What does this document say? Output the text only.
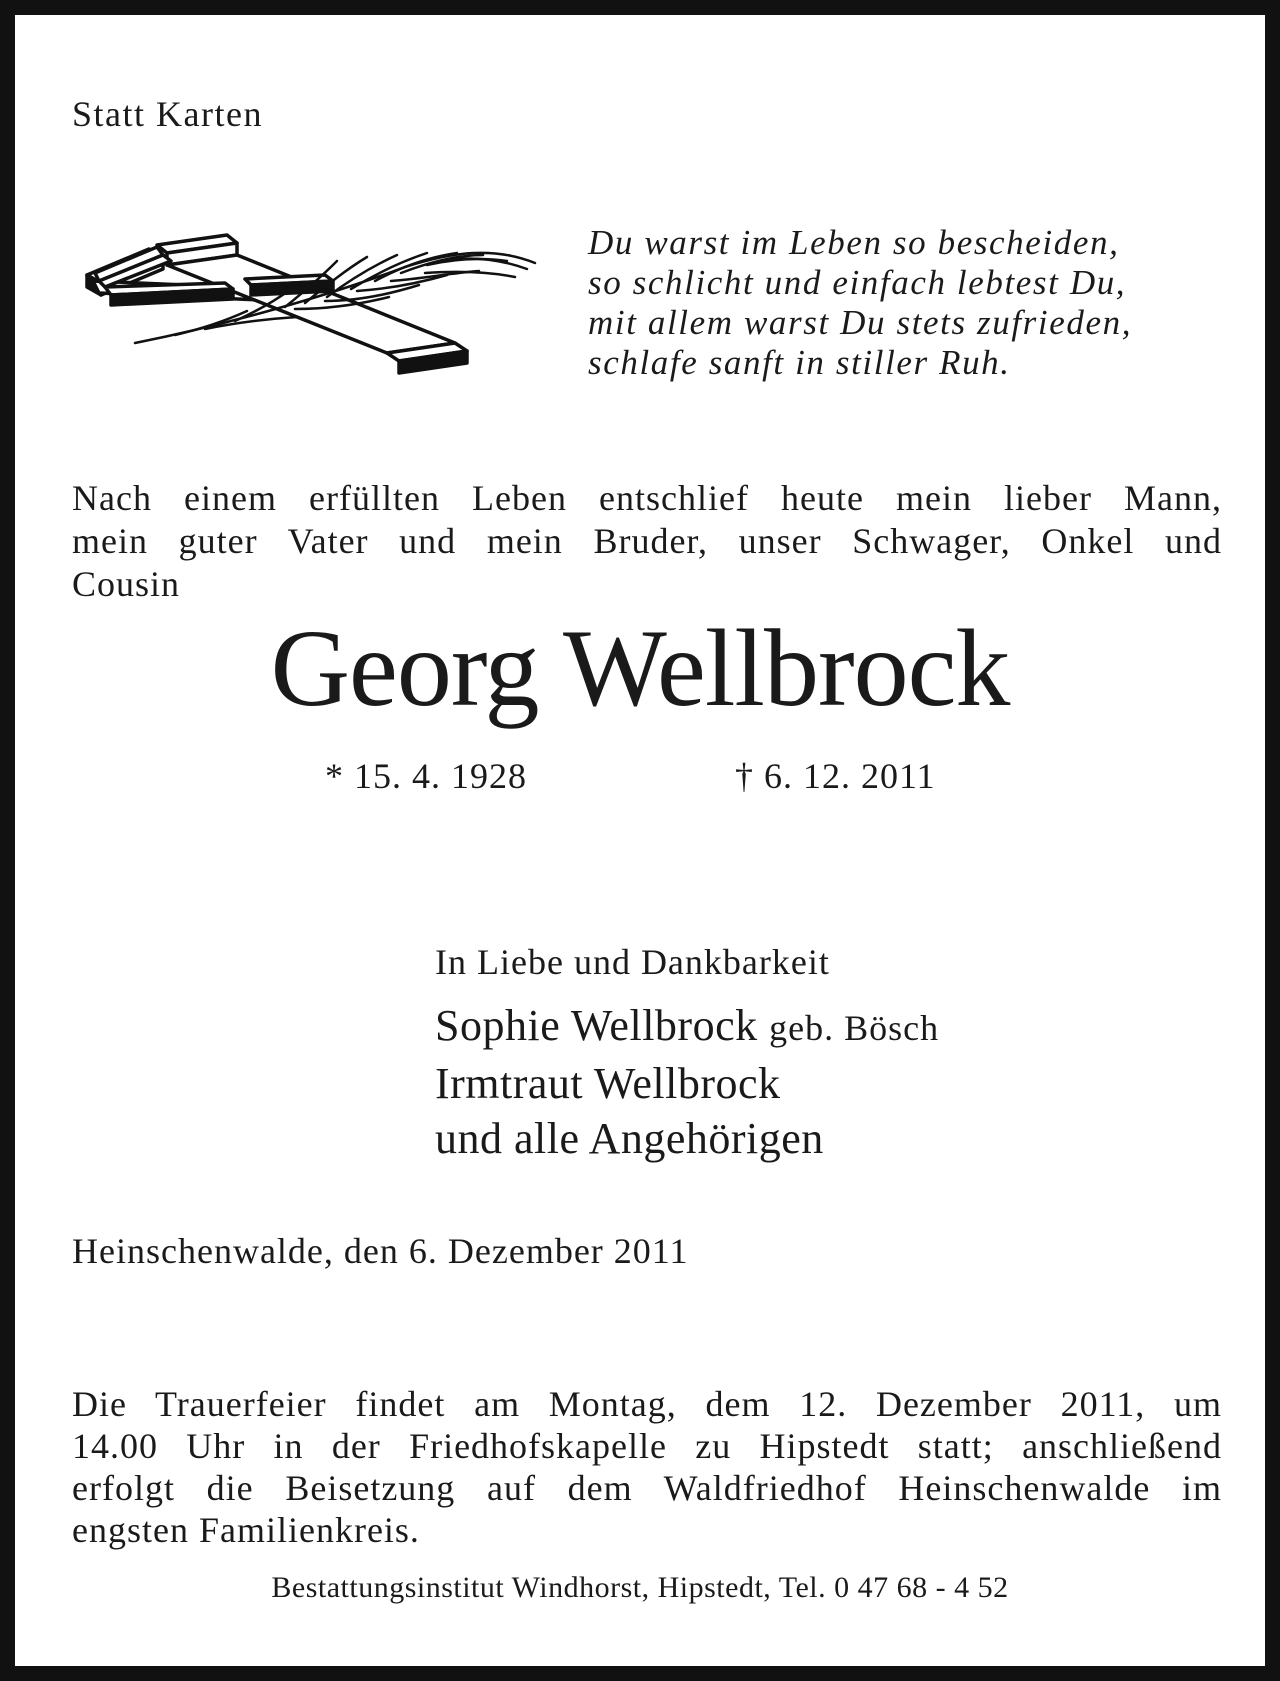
Statt Karten
Du warst im Leben so bescheiden,
so schlicht und einfach lebtest Du,
mit allem warst Du stets zufrieden,
schlafe sanft in stiller Ruh.
Nach einem erfüllten Leben entschlief heute mein lieber Mann,
mein guter Vater und mein Bruder, unser Schwager, Onkel und
Cousin
Georg Wellbrock
* 15. 4. 1928	† 6. 12. 2011
In Liebe und Dankbarkeit
Sophie Wellbrock geb. Bösch
Irmtraut Wellbrock
und alle Angehörigen
Heinschenwalde, den 6. Dezember 2011
Die Trauerfeier findet am Montag, dem 12. Dezember 2011, um
14.00 Uhr in der Friedhofskapelle zu Hipstedt statt; anschließend
erfolgt die Beisetzung auf dem Waldfriedhof Heinschenwalde im
engsten Familienkreis.
Bestattungsinstitut Windhorst, Hipstedt, Tel. 0 47 68 - 4 52
